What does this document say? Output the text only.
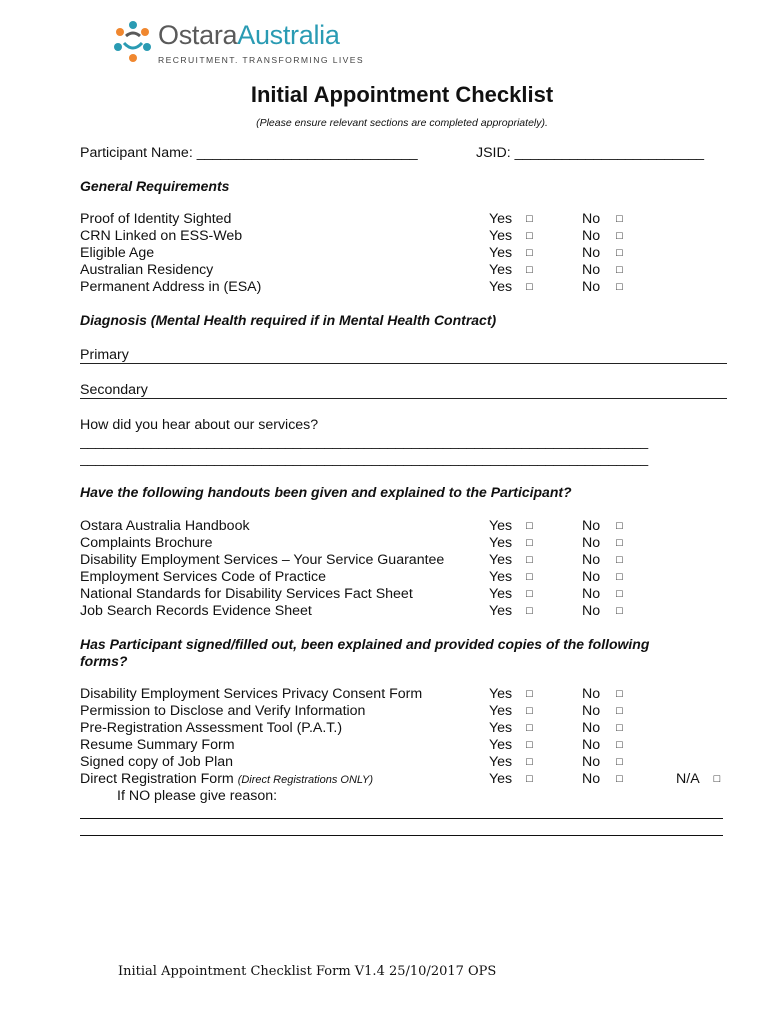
OstaraAustralia
RECRUITMENT. TRANSFORMING LIVES
Initial Appointment Checklist
(Please ensure relevant sections are completed appropriately).
Participant Name: ____________________________	JSID: ________________________
General Requirements
Proof of Identity Sighted	Yes □	No □
CRN Linked on ESS-Web	Yes □	No □
Eligible Age	Yes □	No □
Australian Residency	Yes □	No □
Permanent Address in (ESA)	Yes □	No □
Diagnosis (Mental Health required if in Mental Health Contract)
Primary
Secondary
How did you hear about our services?
________________________________________________________________________
________________________________________________________________________
Have the following handouts been given and explained to the Participant?
Ostara Australia Handbook	Yes □	No □
Complaints Brochure	Yes □	No □
Disability Employment Services – Your Service Guarantee	Yes □	No □
Employment Services Code of Practice	Yes □	No □
National Standards for Disability Services Fact Sheet	Yes □	No □
Job Search Records Evidence Sheet	Yes □	No □
Has Participant signed/filled out, been explained and provided copies of the following
forms?
Disability Employment Services Privacy Consent Form	Yes □	No □
Permission to Disclose and Verify Information	Yes □	No □
Pre-Registration Assessment Tool (P.A.T.)	Yes □	No □
Resume Summary Form	Yes □	No □
Signed copy of Job Plan	Yes □	No □
Direct Registration Form (Direct Registrations ONLY)	Yes □	No □	N/A □
If NO please give reason:
Initial Appointment Checklist Form V1.4 25/10/2017 OPS
